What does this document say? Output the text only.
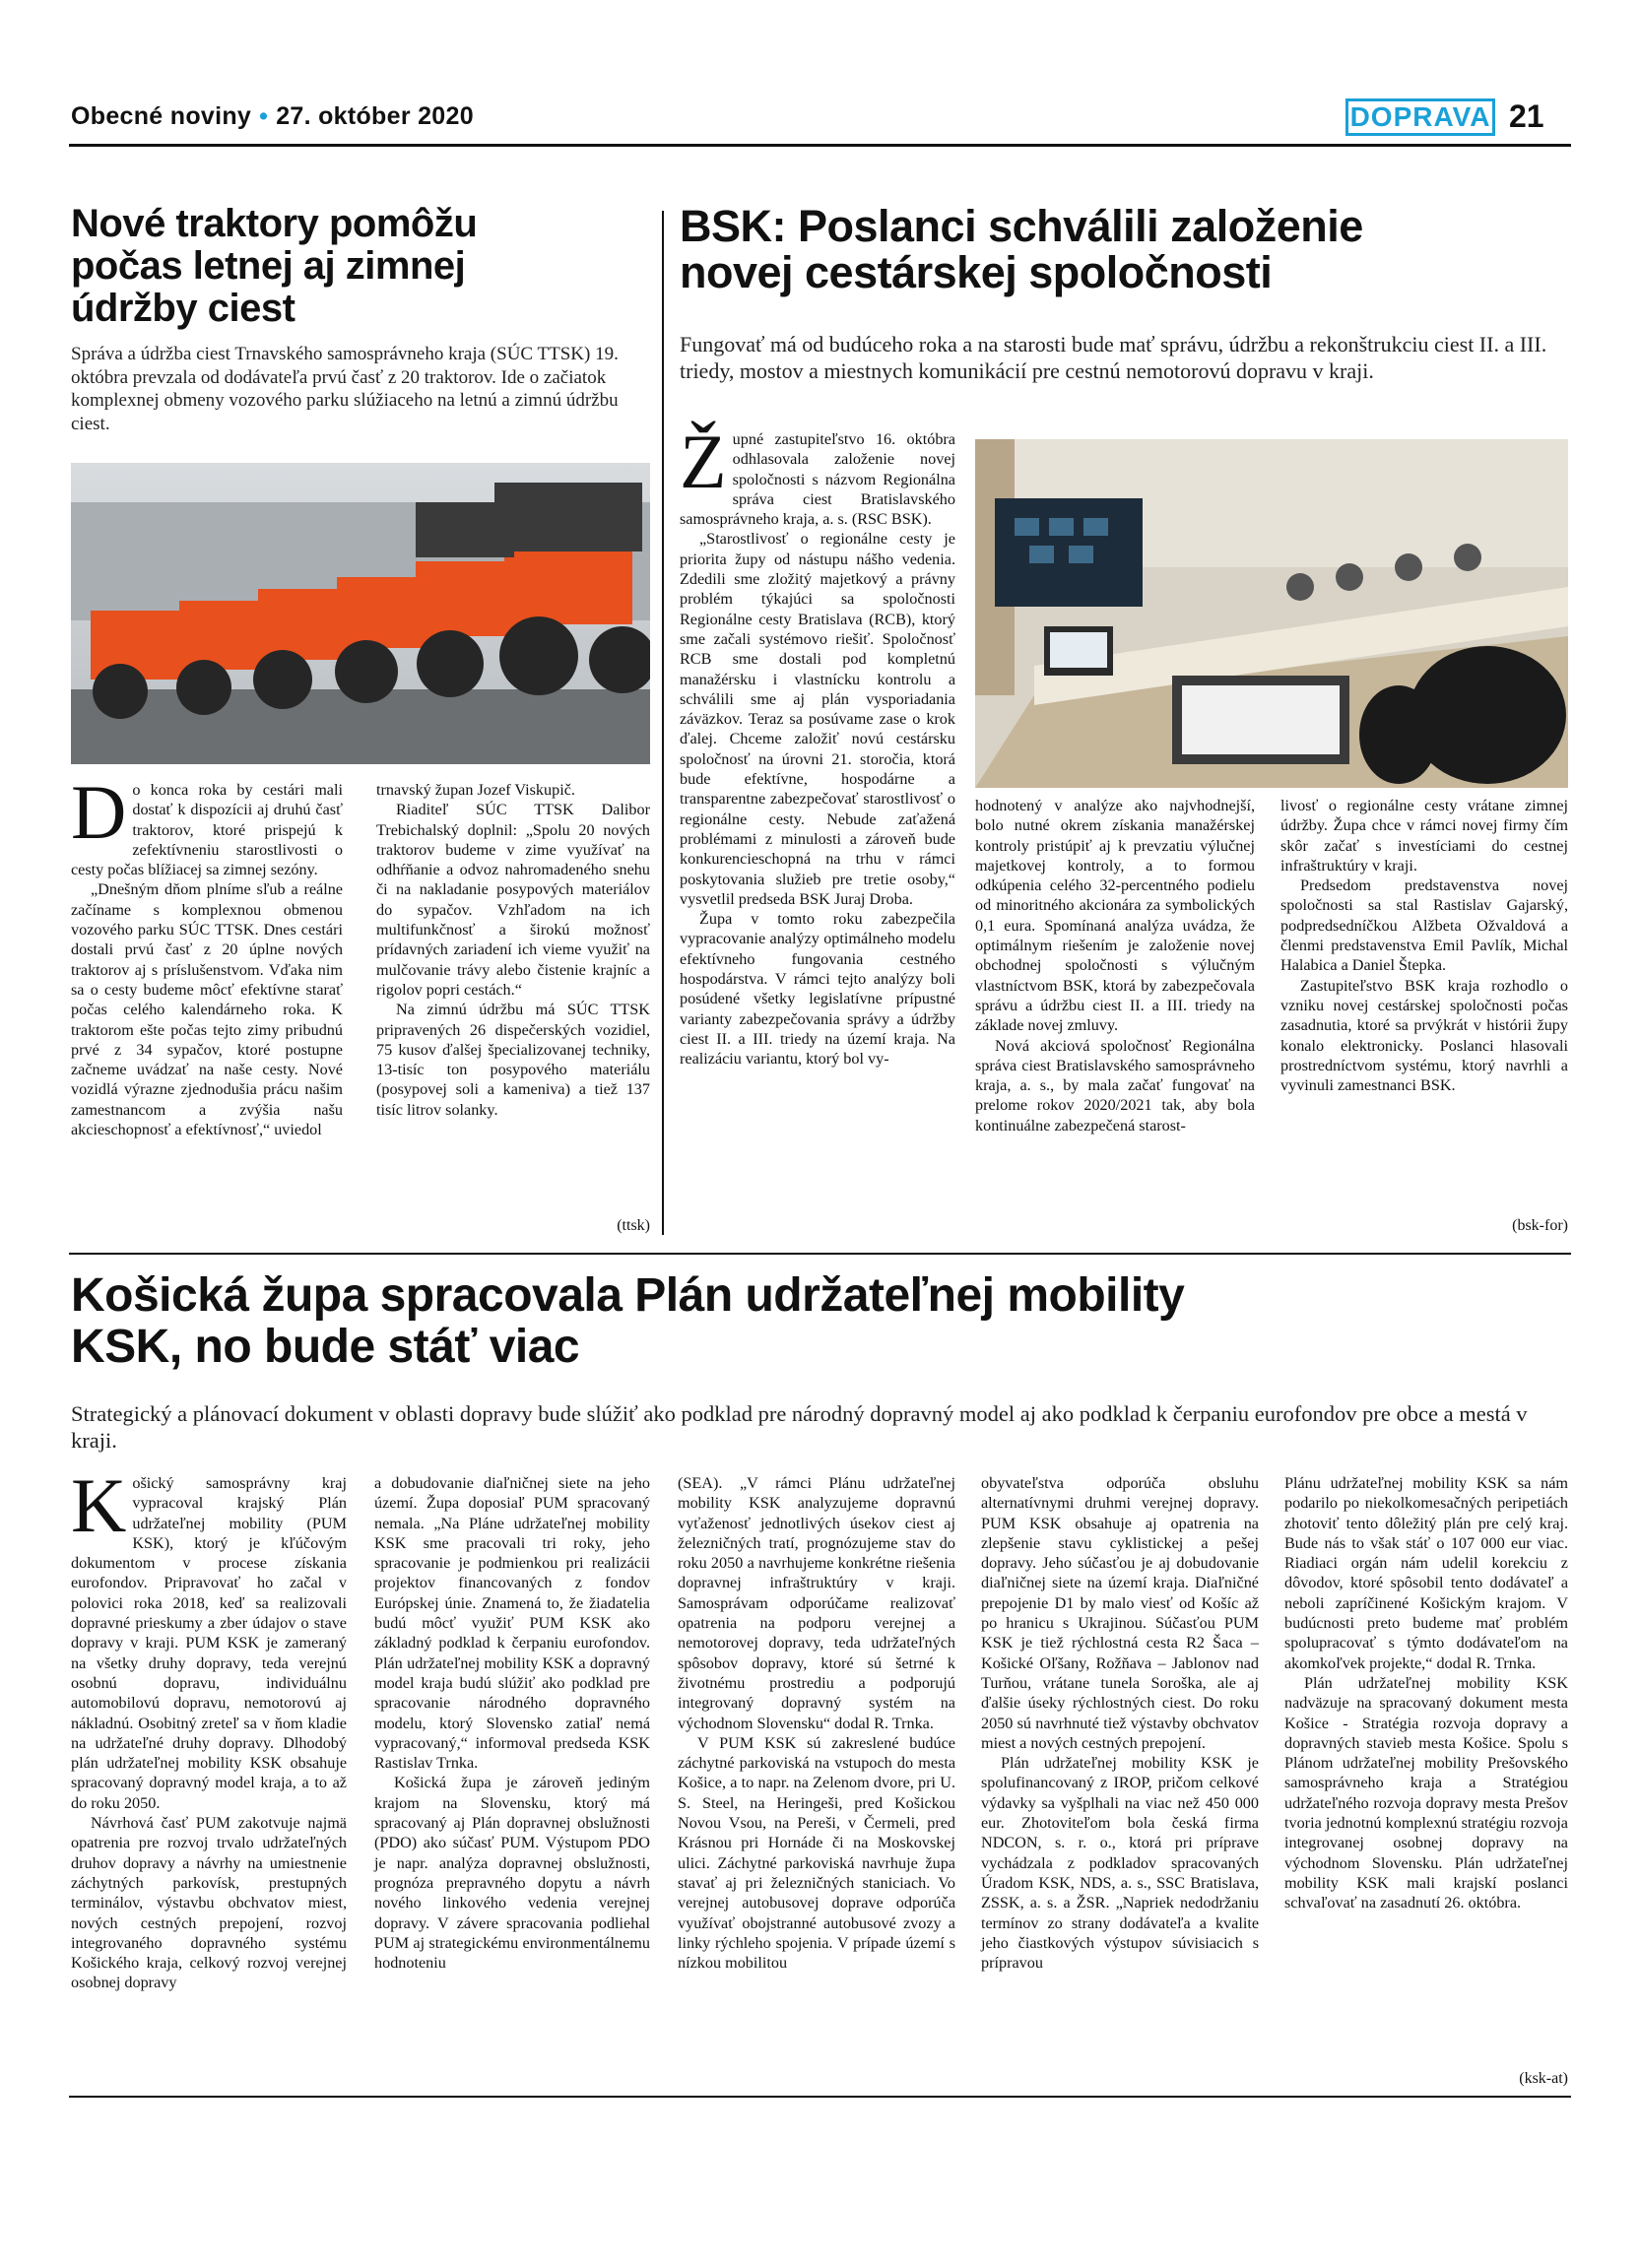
Obecné noviny • 27. október 2020	DOPRAVA 21
Nové traktory pomôžu
počas letnej aj zimnej
údržby ciest
Správa a údržba ciest Trnavského samosprávneho kraja (SÚC TTSK) 19. októbra prevzala od dodávateľa prvú časť z 20 traktorov. Ide o začiatok komplexnej obmeny vozového parku slúžiaceho na letnú a zimnú údržbu ciest.

Do konca roka by cestári mali dostať k dispozícii aj druhú časť traktorov, ktoré prispejú k zefektívneniu starostlivosti o cesty počas blížiacej sa zimnej sezóny.

„Dnešným dňom plníme sľub a reálne začíname s komplexnou obmenou vozového parku SÚC TTSK. Dnes cestári dostali prvú časť z 20 úplne nových traktorov aj s príslušenstvom. Vďaka nim sa o cesty budeme môcť efektívne starať počas celého kalendárneho roka. K traktorom ešte počas tejto zimy pribudnú prvé z 34 sypačov, ktoré postupne začneme uvádzať na naše cesty. Nové vozidlá výrazne zjednodušia prácu našim zamestnancom a zvýšia našu akcieschopnosť a efektívnosť,“ uviedol

trnavský župan Jozef Viskupič.

Riaditeľ SÚC TTSK Dalibor Trebichalský doplnil: „Spolu 20 nových traktorov budeme v zime využívať na odhŕňanie a odvoz nahromadeného snehu či na nakladanie posypových materiálov do sypačov. Vzhľadom na ich multifunkčnosť a širokú možnosť prídavných zariadení ich vieme využiť na mulčovanie trávy alebo čistenie krajníc a rigolov popri cestách.“

Na zimnú údržbu má SÚC TTSK pripravených 26 dispečerských vozidiel, 75 kusov ďalšej špecializovanej techniky, 13-tisíc ton posypového materiálu (posypovej soli a kameniva) a tiež 137 tisíc litrov solanky.

(ttsk)
BSK: Poslanci schválili založenie
novej cestárskej spoločnosti
Fungovať má od budúceho roka a na starosti bude mať správu, údržbu a rekonštrukciu ciest II. a III. triedy, mostov a miestnych komunikácií pre cestnú nemotorovú dopravu v kraji.

Župné zastupiteľstvo 16. októbra odhlasovala založenie novej spoločnosti s názvom Regionálna správa ciest Bratislavského samosprávneho kraja, a. s. (RSC BSK).

„Starostlivosť o regionálne cesty je priorita župy od nástupu nášho vedenia. Zdedili sme zložitý majetkový a právny problém týkajúci sa spoločnosti Regionálne cesty Bratislava (RCB), ktorý sme začali systémovo riešiť. Spoločnosť RCB sme dostali pod kompletnú manažérsku i vlastnícku kontrolu a schválili sme aj plán vysporiadania záväzkov. Teraz sa posúvame zase o krok ďalej. Chceme založiť novú cestársku spoločnosť na úrovni 21. storočia, ktorá bude efektívne, hospodárne a transparentne zabezpečovať starostlivosť o regionálne cesty. Nebude zaťažená problémami z minulosti a zároveň bude konkurencieschopná na trhu v rámci poskytovania služieb pre tretie osoby,“ vysvetlil predseda BSK Juraj Droba.

Župa v tomto roku zabezpečila vypracovanie analýzy optimálneho modelu efektívneho fungovania cestného hospodárstva. V rámci tejto analýzy boli posúdené všetky legislatívne prípustné varianty zabezpečovania správy a údržby ciest II. a III. triedy na území kraja. Na realizáciu variantu, ktorý bol vy-

hodnotený v analýze ako najvhodnejší, bolo nutné okrem získania manažérskej kontroly pristúpiť aj k prevzatiu výlučnej majetkovej kontroly, a to formou odkúpenia celého 32-percentného podielu od minoritného akcionára za symbolických 0,1 eura. Spomínaná analýza uvádza, že optimálnym riešením je založenie novej obchodnej spoločnosti s výlučným vlastníctvom BSK, ktorá by zabezpečovala správu a údržbu ciest II. a III. triedy na základe novej zmluvy.

Nová akciová spoločnosť Regionálna správa ciest Bratislavského samosprávneho kraja, a. s., by mala začať fungovať na prelome rokov 2020/2021 tak, aby bola kontinuálne zabezpečená starost-

livosť o regionálne cesty vrátane zimnej údržby. Župa chce v rámci novej firmy čím skôr začať s investíciami do cestnej infraštruktúry v kraji.

Predsedom predstavenstva novej spoločnosti sa stal Rastislav Gajarský, podpredsedníčkou Alžbeta Ožvaldová a členmi predstavenstva Emil Pavlík, Michal Halabica a Daniel Štepka.

Zastupiteľstvo BSK kraja rozhodlo o vzniku novej cestárskej spoločnosti počas zasadnutia, ktoré sa prvýkrát v histórii župy konalo elektronicky. Poslanci hlasovali prostredníctvom systému, ktorý navrhli a vyvinuli zamestnanci BSK.

(bsk-for)
Košická župa spracovala Plán udržateľnej mobility
KSK, no bude stáť viac
Strategický a plánovací dokument v oblasti dopravy bude slúžiť ako podklad pre národný dopravný model aj ako podklad k čerpaniu eurofondov pre obce a mestá v kraji.

Košický samosprávny kraj vypracoval krajský Plán udržateľnej mobility (PUM KSK), ktorý je kľúčovým dokumentom v procese získania eurofondov. Pripravovať ho začal v polovici roka 2018, keď sa realizovali dopravné prieskumy a zber údajov o stave dopravy v kraji. PUM KSK je zameraný na všetky druhy dopravy, teda verejnú osobnú dopravu, individuálnu automobilovú dopravu, nemotorovú aj nákladnú. Osobitný zreteľ sa v ňom kladie na udržateľné druhy dopravy. Dlhodobý plán udržateľnej mobility KSK obsahuje spracovaný dopravný model kraja, a to až do roku 2050.

Návrhová časť PUM zakotvuje najmä opatrenia pre rozvoj trvalo udržateľných druhov dopravy a návrhy na umiestnenie záchytných parkovísk, prestupných terminálov, výstavbu obchvatov miest, nových cestných prepojení, rozvoj integrovaného dopravného systému Košického kraja, celkový rozvoj verejnej osobnej dopravy

a dobudovanie diaľničnej siete na jeho území. Župa doposiaľ PUM spracovaný nemala. „Na Pláne udržateľnej mobility KSK sme pracovali tri roky, jeho spracovanie je podmienkou pri realizácii projektov financovaných z fondov Európskej únie. Znamená to, že žiadatelia budú môcť využiť PUM KSK ako základný podklad k čerpaniu eurofondov. Plán udržateľnej mobility KSK a dopravný model kraja budú slúžiť ako podklad pre spracovanie národného dopravného modelu, ktorý Slovensko zatiaľ nemá vypracovaný,“ informoval predseda KSK Rastislav Trnka.

Košická župa je zároveň jediným krajom na Slovensku, ktorý má spracovaný aj Plán dopravnej obslužnosti (PDO) ako súčasť PUM. Výstupom PDO je napr. analýza dopravnej obslužnosti, prognóza prepravného dopytu a návrh nového linkového vedenia verejnej dopravy. V závere spracovania podliehal PUM aj strategickému environmentálnemu hodnoteniu

(SEA). „V rámci Plánu udržateľnej mobility KSK analyzujeme dopravnú vyťaženosť jednotlivých úsekov ciest aj železničných tratí, prognózujeme stav do roku 2050 a navrhujeme konkrétne riešenia dopravnej infraštruktúry v kraji. Samosprávam odporúčame realizovať opatrenia na podporu verejnej a nemotorovej dopravy, teda udržateľných spôsobov dopravy, ktoré sú šetrné k životnému prostrediu a podporujú integrovaný dopravný systém na východnom Slovensku“ dodal R. Trnka.

V PUM KSK sú zakreslené budúce záchytné parkoviská na vstupoch do mesta Košice, a to napr. na Zelenom dvore, pri U. S. Steel, na Heringeši, pred Košickou Novou Vsou, na Pereši, v Čermeli, pred Krásnou pri Hornáde či na Moskovskej ulici. Záchytné parkoviská navrhuje župa stavať aj pri železničných staniciach. Vo verejnej autobusovej doprave odporúča využívať obojstranné autobusové zvozy a linky rýchleho spojenia. V prípade území s nízkou mobilitou

obyvateľstva odporúča obsluhu alternatívnymi druhmi verejnej dopravy. PUM KSK obsahuje aj opatrenia na zlepšenie stavu cyklistickej a pešej dopravy. Jeho súčasťou je aj dobudovanie diaľničnej siete na území kraja. Diaľničné prepojenie D1 by malo viesť od Košíc až po hranicu s Ukrajinou. Súčasťou PUM KSK je tiež rýchlostná cesta R2 Šaca – Košické Oľšany, Rožňava – Jablonov nad Turňou, vrátane tunela Soroška, ale aj ďalšie úseky rýchlostných ciest. Do roku 2050 sú navrhnuté tiež výstavby obchvatov miest a nových cestných prepojení.

Plán udržateľnej mobility KSK je spolufinancovaný z IROP, pričom celkové výdavky sa vyšplhali na viac než 450 000 eur. Zhotoviteľom bola česká firma NDCON, s. r. o., ktorá pri príprave vychádzala z podkladov spracovaných Úradom KSK, NDS, a. s., SSC Bratislava, ZSSK, a. s. a ŽSR. „Napriek nedodržaniu termínov zo strany dodávateľa a kvalite jeho čiastkových výstupov súvisiacich s prípravou

Plánu udržateľnej mobility KSK sa nám podarilo po niekolkomesačných peripetiách zhotoviť tento dôležitý plán pre celý kraj. Bude nás to však stáť o 107 000 eur viac. Riadiaci orgán nám udelil korekciu z dôvodov, ktoré spôsobil tento dodávateľ a neboli zapríčinené Košickým krajom. V budúcnosti preto budeme mať problém spolupracovať s týmto dodávateľom na akomkoľvek projekte,“ dodal R. Trnka.

Plán udržateľnej mobility KSK nadväzuje na spracovaný dokument mesta Košice - Stratégia rozvoja dopravy a dopravných stavieb mesta Košice. Spolu s Plánom udržateľnej mobility Prešovského samosprávneho kraja a Stratégiou udržateľného rozvoja dopravy mesta Prešov tvoria jednotnú komplexnú stratégiu rozvoja integrovanej osobnej dopravy na východnom Slovensku. Plán udržateľnej mobility KSK mali krajskí poslanci schvaľovať na zasadnutí 26. októbra.

(ksk-at)
